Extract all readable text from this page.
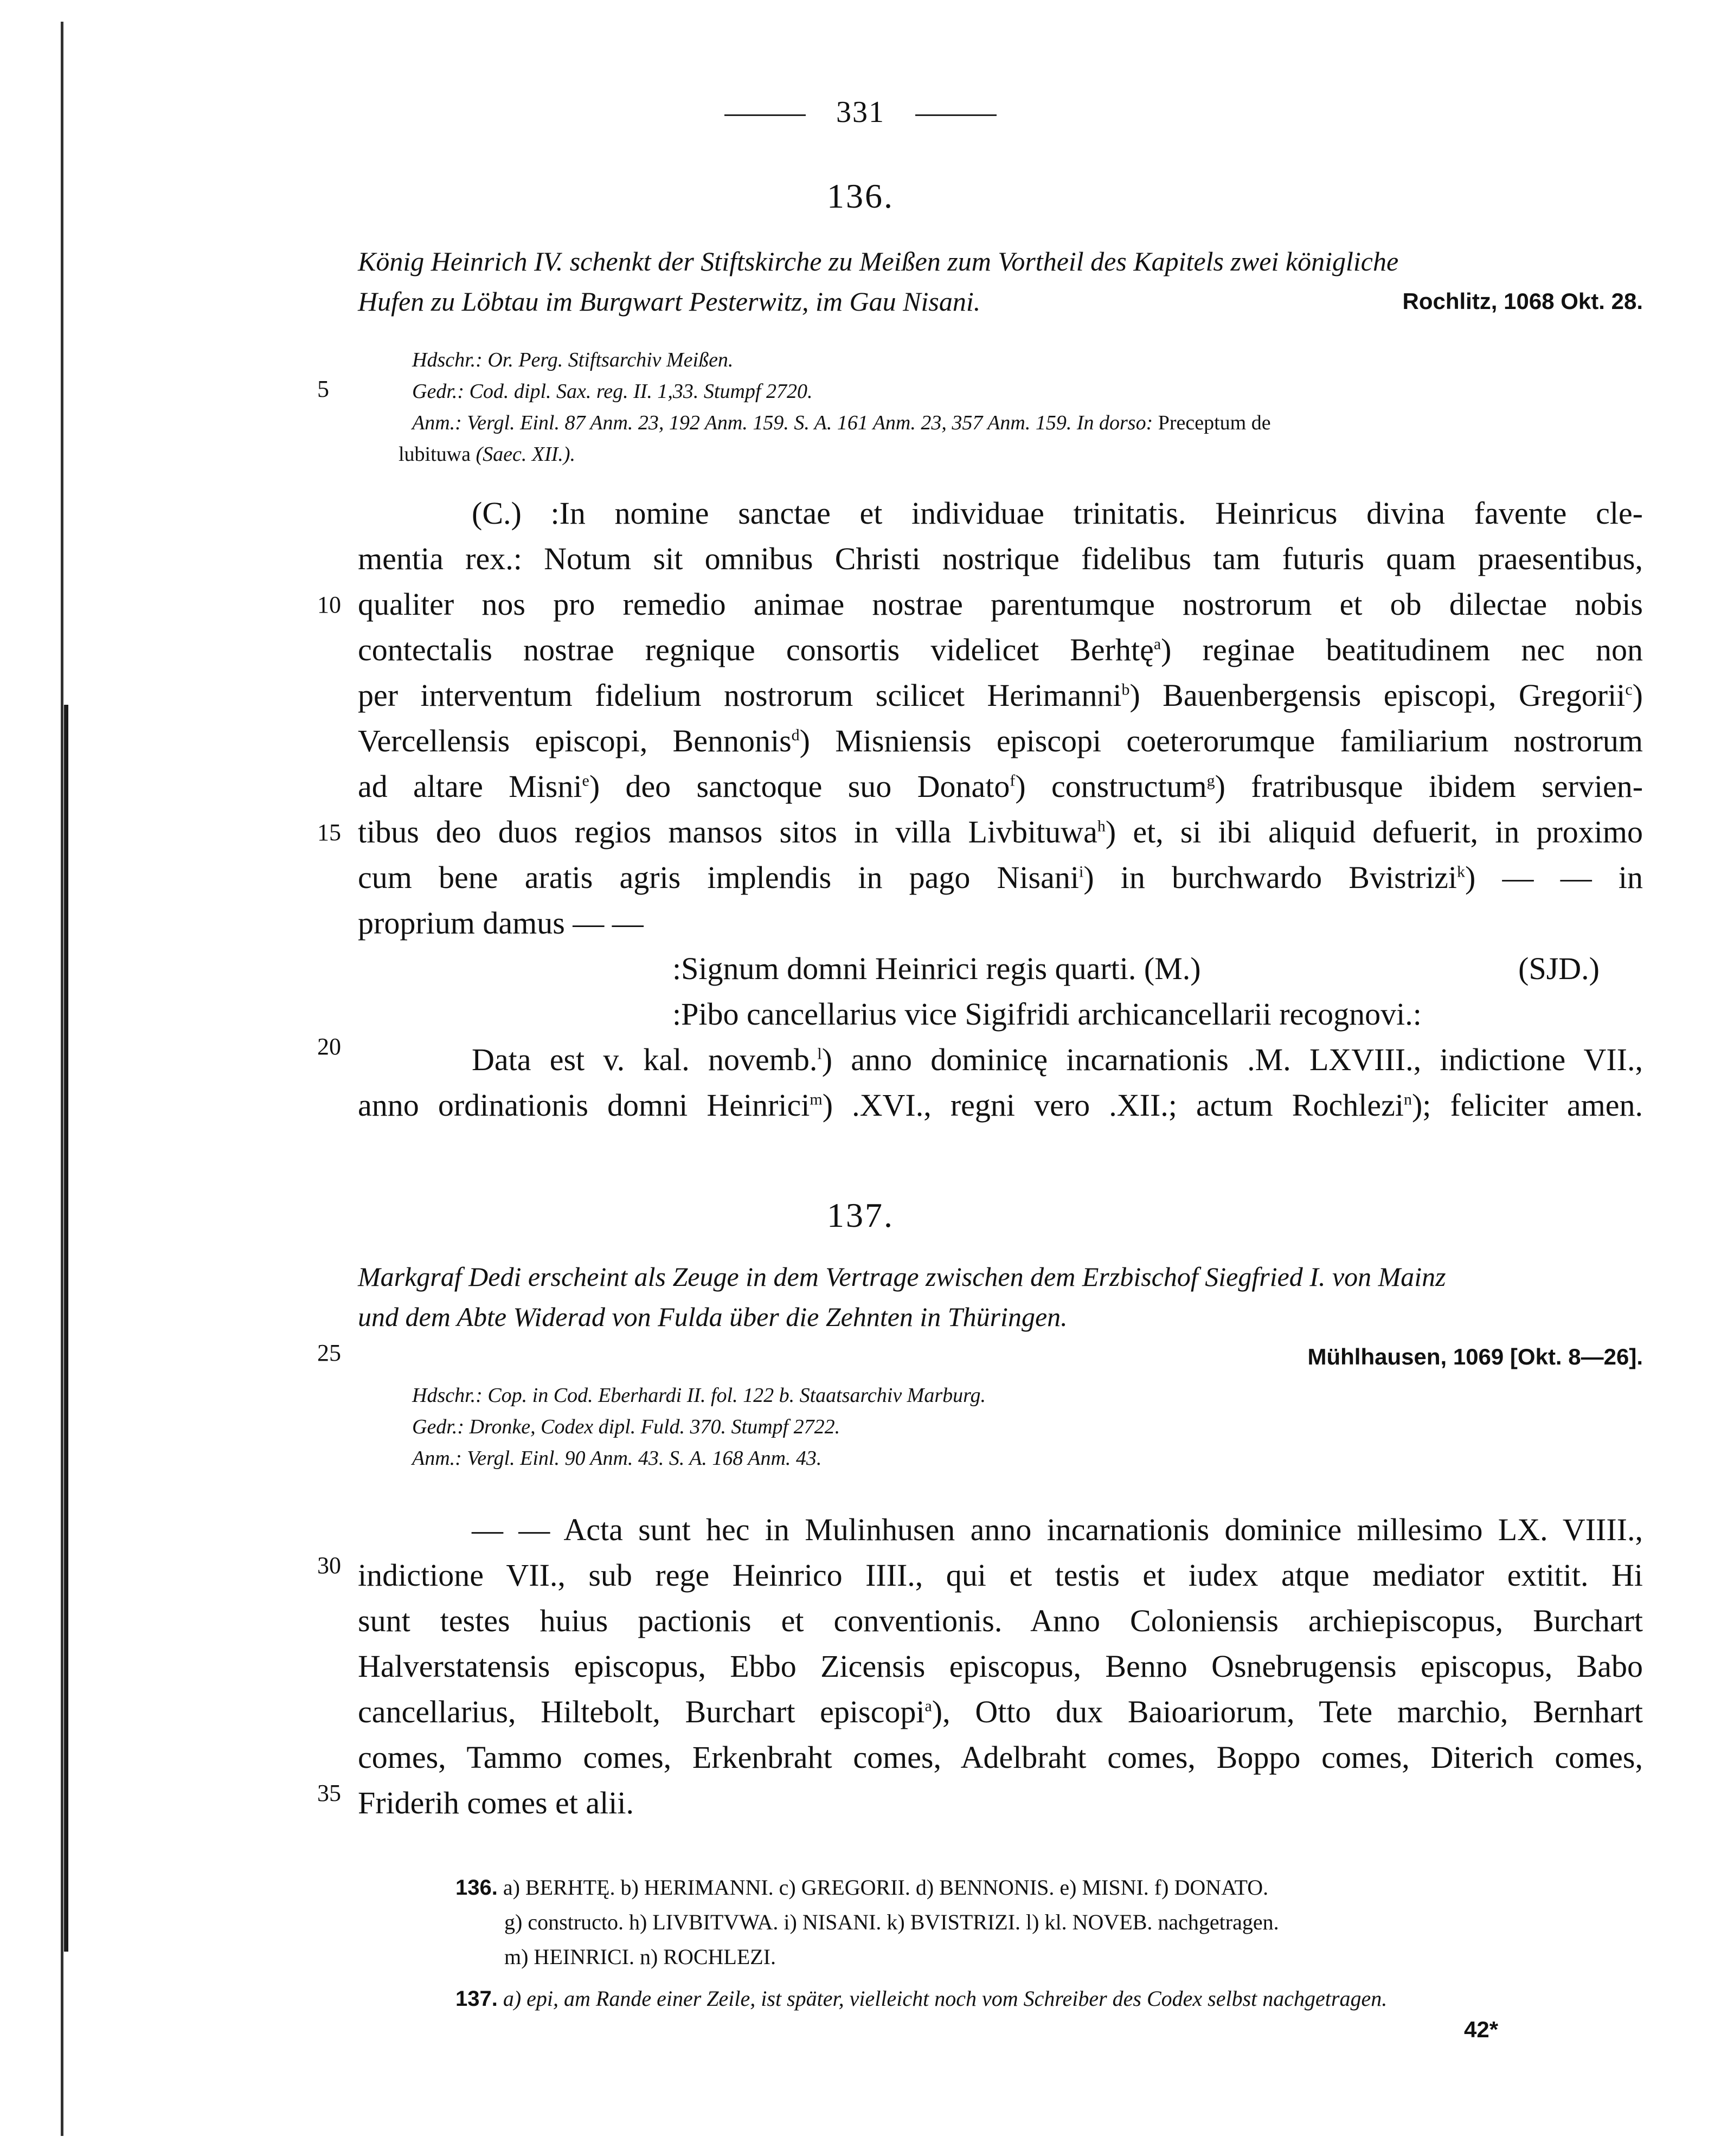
331
136.
König Heinrich IV. schenkt der Stiftskirche zu Meißen zum Vortheil des Kapitels zwei königliche
Hufen zu Löbtau im Burgwart Pesterwitz, im Gau Nisani.	Rochlitz, 1068 Okt. 28.
Hdschr.: Or. Perg. Stiftsarchiv Meißen.
Gedr.: Cod. dipl. Sax. reg. II. 1,33. Stumpf 2720.
Anm.: Vergl. Einl. 87 Anm. 23, 192 Anm. 159. S. A. 161 Anm. 23, 357 Anm. 159. In dorso: Preceptum de
lubituwa (Saec. XII.).
5
10
15
20
25
30
35
(C.) :In nomine sanctae et individuae trinitatis. Heinricus divina favente cle-
mentia rex.: Notum sit omnibus Christi nostrique fidelibus tam futuris quam praesentibus,
qualiter nos pro remedio animae nostrae parentumque nostrorum et ob dilectae nobis
contectalis nostrae regnique consortis videlicet Berhtę$^a$) reginae beatitudinem nec non
per interventum fidelium nostrorum scilicet Herimanni$^b$) Bauenbergensis episcopi, Gregorii$^c$)
Vercellensis episcopi, Bennonis$^d$) Misniensis episcopi coeterorumque familiarium nostrorum
ad altare Misni$^e$) deo sanctoque suo Donato$^f$) constructum$^g$) fratribusque ibidem servien-
tibus deo duos regios mansos sitos in villa Livbituwa$^h$) et, si ibi aliquid defuerit, in proximo
cum bene aratis agris implendis in pago Nisani$^i$) in burchwardo Bvistrizi$^k$) — — in
proprium damus — —
:Signum domni Heinrici regis quarti. (M.)	(SJD.)
:Pibo cancellarius vice Sigifridi archicancellarii recognovi.:
Data est v. kal. novemb.$^l$) anno dominicę incarnationis .M. LXVIII., indictione VII.,
anno ordinationis domni Heinrici$^m$) .XVI., regni vero .XII.; actum Rochlezi$^n$); feliciter amen.
137.
Markgraf Dedi erscheint als Zeuge in dem Vertrage zwischen dem Erzbischof Siegfried I. von Mainz
und dem Abte Widerad von Fulda über die Zehnten in Thüringen.

Mühlhausen, 1069 [Okt. 8—26].
Hdschr.: Cop. in Cod. Eberhardi II. fol. 122 b. Staatsarchiv Marburg.
Gedr.: Dronke, Codex dipl. Fuld. 370. Stumpf 2722.
Anm.: Vergl. Einl. 90 Anm. 43. S. A. 168 Anm. 43.
— — Acta sunt hec in Mulinhusen anno incarnationis dominice millesimo LX. VIIII.,
indictione VII., sub rege Heinrico IIII., qui et testis et iudex atque mediator extitit. Hi
sunt testes huius pactionis et conventionis. Anno Coloniensis archiepiscopus, Burchart
Halverstatensis episcopus, Ebbo Zicensis episcopus, Benno Osnebrugensis episcopus, Babo
cancellarius, Hiltebolt, Burchart episcopi$^a$), Otto dux Baioariorum, Tete marchio, Bernhart
comes, Tammo comes, Erkenbraht comes, Adelbraht comes, Boppo comes, Diterich comes,
Friderih comes et alii.
136. a) BERHTĘ. b) HERIMANNI. c) GREGORII. d) BENNONIS. e) MISNI. f) DONATO.
g) constructo. h) LIVBITVWA. i) NISANI. k) BVISTRIZI. l) kl. NOVEB. nachgetragen.
m) HEINRICI. n) ROCHLEZI.
137. a) epi, am Rande einer Zeile, ist später, vielleicht noch vom Schreiber des Codex selbst nachgetragen.
42*
